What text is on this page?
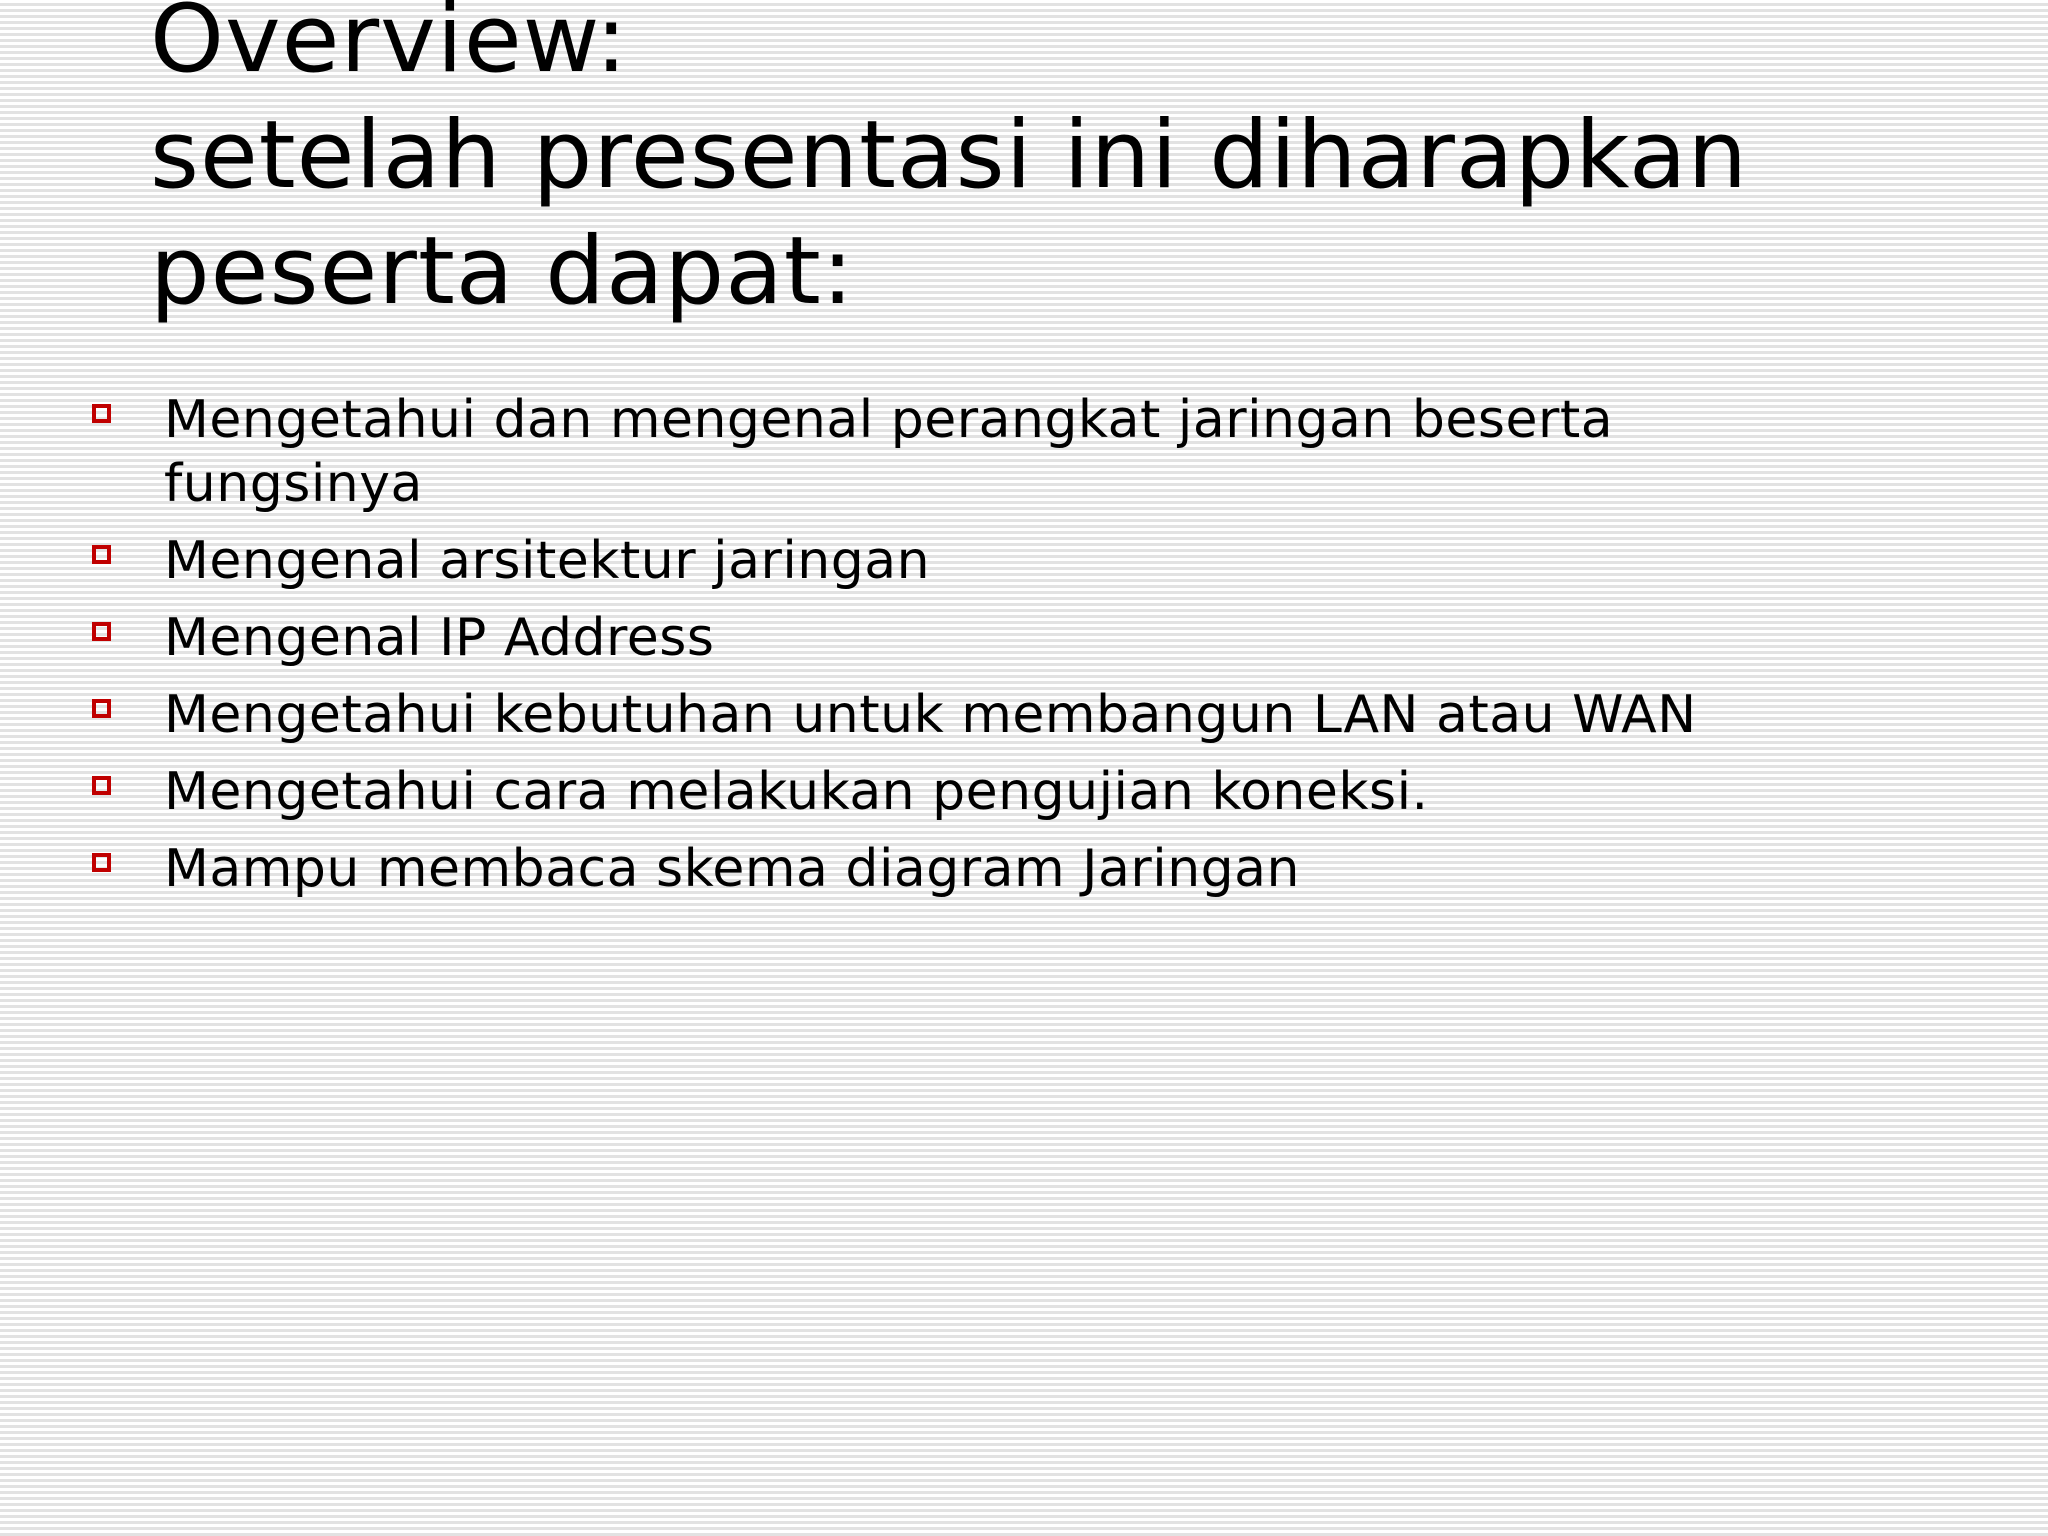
Overview:
setelah presentasi ini diharapkan
peserta dapat:
Mengetahui dan mengenal perangkat jaringan beserta fungsinya
Mengenal arsitektur jaringan
Mengenal IP Address
Mengetahui kebutuhan untuk membangun LAN atau WAN
Mengetahui cara melakukan pengujian koneksi.
Mampu membaca skema diagram Jaringan
